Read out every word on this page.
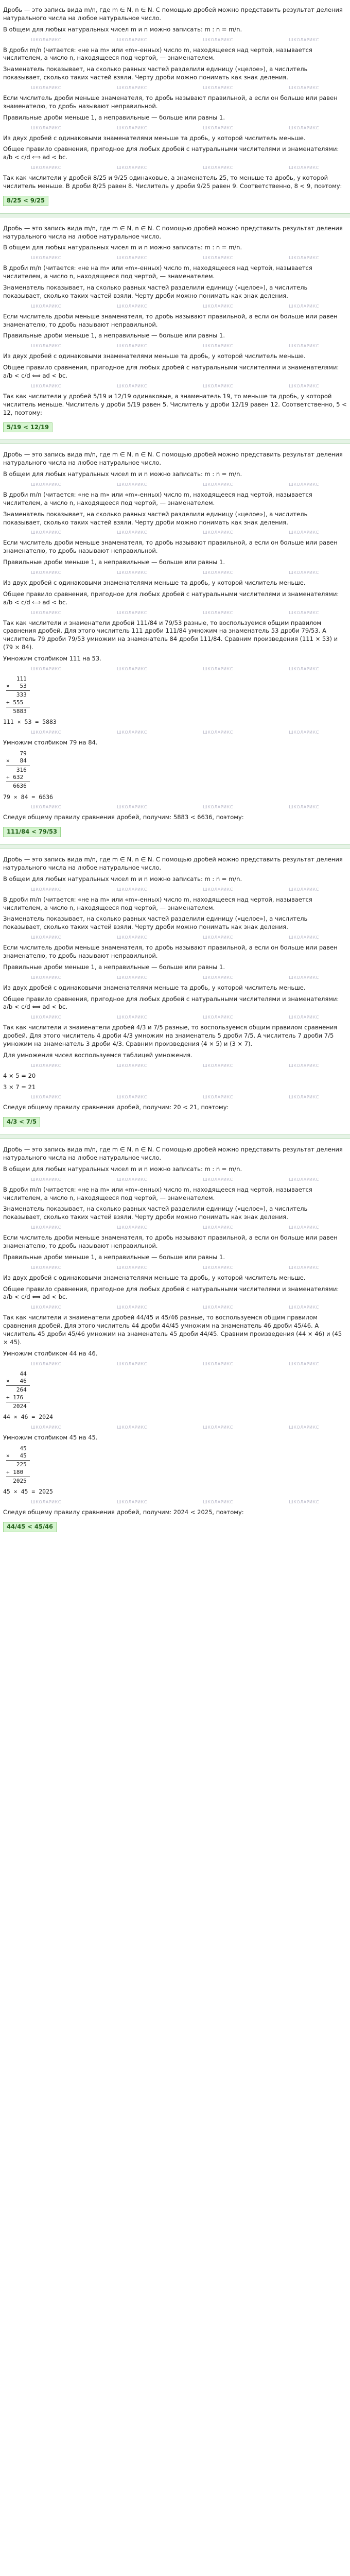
Дробь — это запись вида m/n, где m ∈ N, n ∈ N. С помощью дробей можно представить результат деления натурального числа на любое натуральное число.
В общем для любых натуральных чисел m и n можно записать: m : n = m/n.
ШКОЛАРИКС	ШКОЛАРИКС	ШКОЛАРИКС	ШКОЛАРИКС
В дроби m/n (читается: «не на m» или «m»-енных) число m, находящееся над чертой, называется числителем, а число n, находящееся под чертой, — знаменателем.
Знаменатель показывает, на сколько равных частей разделили единицу («целое»), а числитель показывает, сколько таких частей взяли. Черту дроби можно понимать как знак деления.
ШКОЛАРИКС	ШКОЛАРИКС	ШКОЛАРИКС	ШКОЛАРИКС
Если числитель дроби меньше знаменателя, то дробь называют правильной, а если он больше или равен знаменателю, то дробь называют неправильной.
Правильные дроби меньше 1, а неправильные — больше или равны 1.
ШКОЛАРИКС	ШКОЛАРИКС	ШКОЛАРИКС	ШКОЛАРИКС
Из двух дробей с одинаковыми знаменателями меньше та дробь, у которой числитель меньше.
Общее правило сравнения, пригодное для любых дробей с натуральными числителями и знаменателями: a/b < c/d ⟺ ad < bc.
ШКОЛАРИКС	ШКОЛАРИКС	ШКОЛАРИКС	ШКОЛАРИКС
Так как числители у дробей 8/25 и 9/25 одинаковые, а знаменатель 25, то меньше та дробь, у которой числитель меньше. В дроби 8/25 равен 8. Числитель у дроби 9/25 равен 9. Соответственно, 8 < 9, поэтому:
8/25 < 9/25
Дробь — это запись вида m/n, где m ∈ N, n ∈ N. С помощью дробей можно представить результат деления натурального числа на любое натуральное число.
В общем для любых натуральных чисел m и n можно записать: m : n = m/n.
ШКОЛАРИКС	ШКОЛАРИКС	ШКОЛАРИКС	ШКОЛАРИКС
В дроби m/n (читается: «не на m» или «m»-енных) число m, находящееся над чертой, называется числителем, а число n, находящееся под чертой, — знаменателем.
Знаменатель показывает, на сколько равных частей разделили единицу («целое»), а числитель показывает, сколько таких частей взяли. Черту дроби можно понимать как знак деления.
ШКОЛАРИКС	ШКОЛАРИКС	ШКОЛАРИКС	ШКОЛАРИКС
Если числитель дроби меньше знаменателя, то дробь называют правильной, а если он больше или равен знаменателю, то дробь называют неправильной.
Правильные дроби меньше 1, а неправильные — больше или равны 1.
ШКОЛАРИКС	ШКОЛАРИКС	ШКОЛАРИКС	ШКОЛАРИКС
Из двух дробей с одинаковыми знаменателями меньше та дробь, у которой числитель меньше.
Общее правило сравнения, пригодное для любых дробей с натуральными числителями и знаменателями: a/b < c/d ⟺ ad < bc.
ШКОЛАРИКС	ШКОЛАРИКС	ШКОЛАРИКС	ШКОЛАРИКС
Так как числители у дробей 5/19 и 12/19 одинаковые, а знаменатель 19, то меньше та дробь, у которой числитель меньше. Числитель у дроби 5/19 равен 5. Числитель у дроби 12/19 равен 12. Соответственно, 5 < 12, поэтому:
5/19 < 12/19
Дробь — это запись вида m/n, где m ∈ N, n ∈ N. С помощью дробей можно представить результат деления натурального числа на любое натуральное число.
В общем для любых натуральных чисел m и n можно записать: m : n = m/n.
ШКОЛАРИКС	ШКОЛАРИКС	ШКОЛАРИКС	ШКОЛАРИКС
В дроби m/n (читается: «не на m» или «m»-енных) число m, находящееся над чертой, называется числителем, а число n, находящееся под чертой, — знаменателем.
Знаменатель показывает, на сколько равных частей разделили единицу («целое»), а числитель показывает, сколько таких частей взяли. Черту дроби можно понимать как знак деления.
ШКОЛАРИКС	ШКОЛАРИКС	ШКОЛАРИКС	ШКОЛАРИКС
Если числитель дроби меньше знаменателя, то дробь называют правильной, а если он больше или равен знаменателю, то дробь называют неправильной.
Правильные дроби меньше 1, а неправильные — больше или равны 1.
ШКОЛАРИКС	ШКОЛАРИКС	ШКОЛАРИКС	ШКОЛАРИКС
Из двух дробей с одинаковыми знаменателями меньше та дробь, у которой числитель меньше.
Общее правило сравнения, пригодное для любых дробей с натуральными числителями и знаменателями: a/b < c/d ⟺ ad < bc.
ШКОЛАРИКС	ШКОЛАРИКС	ШКОЛАРИКС	ШКОЛАРИКС
Так как числители и знаменатели дробей 111/84 и 79/53 разные, то воспользуемся общим правилом сравнения дробей. Для этого числитель 111 дроби 111/84 умножим на знаменатель 53 дроби 79/53. А числитель 79 дроби 79/53 умножим на знаменатель 84 дроби 111/84. Сравним произведения (111 × 53) и (79 × 84).
Умножим столбиком 111 на 53.
ШКОЛАРИКС	ШКОЛАРИКС	ШКОЛАРИКС	ШКОЛАРИКС
111
×   53
333
+ 555
5883
111 × 53 = 5883
ШКОЛАРИКС	ШКОЛАРИКС	ШКОЛАРИКС	ШКОЛАРИКС
Умножим столбиком 79 на 84.
79
×   84
316
+ 632
6636
79 × 84 = 6636
ШКОЛАРИКС	ШКОЛАРИКС	ШКОЛАРИКС	ШКОЛАРИКС
Следуя общему правилу сравнения дробей, получим: 5883 < 6636, поэтому:
111/84 < 79/53
Дробь — это запись вида m/n, где m ∈ N, n ∈ N. С помощью дробей можно представить результат деления натурального числа на любое натуральное число.
В общем для любых натуральных чисел m и n можно записать: m : n = m/n.
ШКОЛАРИКС	ШКОЛАРИКС	ШКОЛАРИКС	ШКОЛАРИКС
В дроби m/n (читается: «не на m» или «m»-енных) число m, находящееся над чертой, называется числителем, а число n, находящееся под чертой, — знаменателем.
Знаменатель показывает, на сколько равных частей разделили единицу («целое»), а числитель показывает, сколько таких частей взяли. Черту дроби можно понимать как знак деления.
ШКОЛАРИКС	ШКОЛАРИКС	ШКОЛАРИКС	ШКОЛАРИКС
Если числитель дроби меньше знаменателя, то дробь называют правильной, а если он больше или равен знаменателю, то дробь называют неправильной.
Правильные дроби меньше 1, а неправильные — больше или равны 1.
ШКОЛАРИКС	ШКОЛАРИКС	ШКОЛАРИКС	ШКОЛАРИКС
Из двух дробей с одинаковыми знаменателями меньше та дробь, у которой числитель меньше.
Общее правило сравнения, пригодное для любых дробей с натуральными числителями и знаменателями: a/b < c/d ⟺ ad < bc.
ШКОЛАРИКС	ШКОЛАРИКС	ШКОЛАРИКС	ШКОЛАРИКС
Так как числители и знаменатели дробей 4/3 и 7/5 разные, то воспользуемся общим правилом сравнения дробей. Для этого числитель 4 дроби 4/3 умножим на знаменатель 5 дроби 7/5. А числитель 7 дроби 7/5 умножим на знаменатель 3 дроби 4/3. Сравним произведения (4 × 5) и (3 × 7).
Для умножения чисел воспользуемся таблицей умножения.
ШКОЛАРИКС	ШКОЛАРИКС	ШКОЛАРИКС	ШКОЛАРИКС
4 × 5 = 20
3 × 7 = 21
ШКОЛАРИКС	ШКОЛАРИКС	ШКОЛАРИКС	ШКОЛАРИКС
Следуя общему правилу сравнения дробей, получим: 20 < 21, поэтому:
4/3 < 7/5
Дробь — это запись вида m/n, где m ∈ N, n ∈ N. С помощью дробей можно представить результат деления натурального числа на любое натуральное число.
В общем для любых натуральных чисел m и n можно записать: m : n = m/n.
ШКОЛАРИКС	ШКОЛАРИКС	ШКОЛАРИКС	ШКОЛАРИКС
В дроби m/n (читается: «не на m» или «m»-енных) число m, находящееся над чертой, называется числителем, а число n, находящееся под чертой, — знаменателем.
Знаменатель показывает, на сколько равных частей разделили единицу («целое»), а числитель показывает, сколько таких частей взяли. Черту дроби можно понимать как знак деления.
ШКОЛАРИКС	ШКОЛАРИКС	ШКОЛАРИКС	ШКОЛАРИКС
Если числитель дроби меньше знаменателя, то дробь называют правильной, а если он больше или равен знаменателю, то дробь называют неправильной.
Правильные дроби меньше 1, а неправильные — больше или равны 1.
ШКОЛАРИКС	ШКОЛАРИКС	ШКОЛАРИКС	ШКОЛАРИКС
Из двух дробей с одинаковыми знаменателями меньше та дробь, у которой числитель меньше.
Общее правило сравнения, пригодное для любых дробей с натуральными числителями и знаменателями: a/b < c/d ⟺ ad < bc.
ШКОЛАРИКС	ШКОЛАРИКС	ШКОЛАРИКС	ШКОЛАРИКС
Так как числители и знаменатели дробей 44/45 и 45/46 разные, то воспользуемся общим правилом сравнения дробей. Для этого числитель 44 дроби 44/45 умножим на знаменатель 46 дроби 45/46. А числитель 45 дроби 45/46 умножим на знаменатель 45 дроби 44/45. Сравним произведения (44 × 46) и (45 × 45).
Умножим столбиком 44 на 46.
ШКОЛАРИКС	ШКОЛАРИКС	ШКОЛАРИКС	ШКОЛАРИКС
44
×   46
264
+ 176
2024
44 × 46 = 2024
ШКОЛАРИКС	ШКОЛАРИКС	ШКОЛАРИКС	ШКОЛАРИКС
Умножим столбиком 45 на 45.
45
×   45
225
+ 180
2025
45 × 45 = 2025
ШКОЛАРИКС	ШКОЛАРИКС	ШКОЛАРИКС	ШКОЛАРИКС
Следуя общему правилу сравнения дробей, получим: 2024 < 2025, поэтому:
44/45 < 45/46
